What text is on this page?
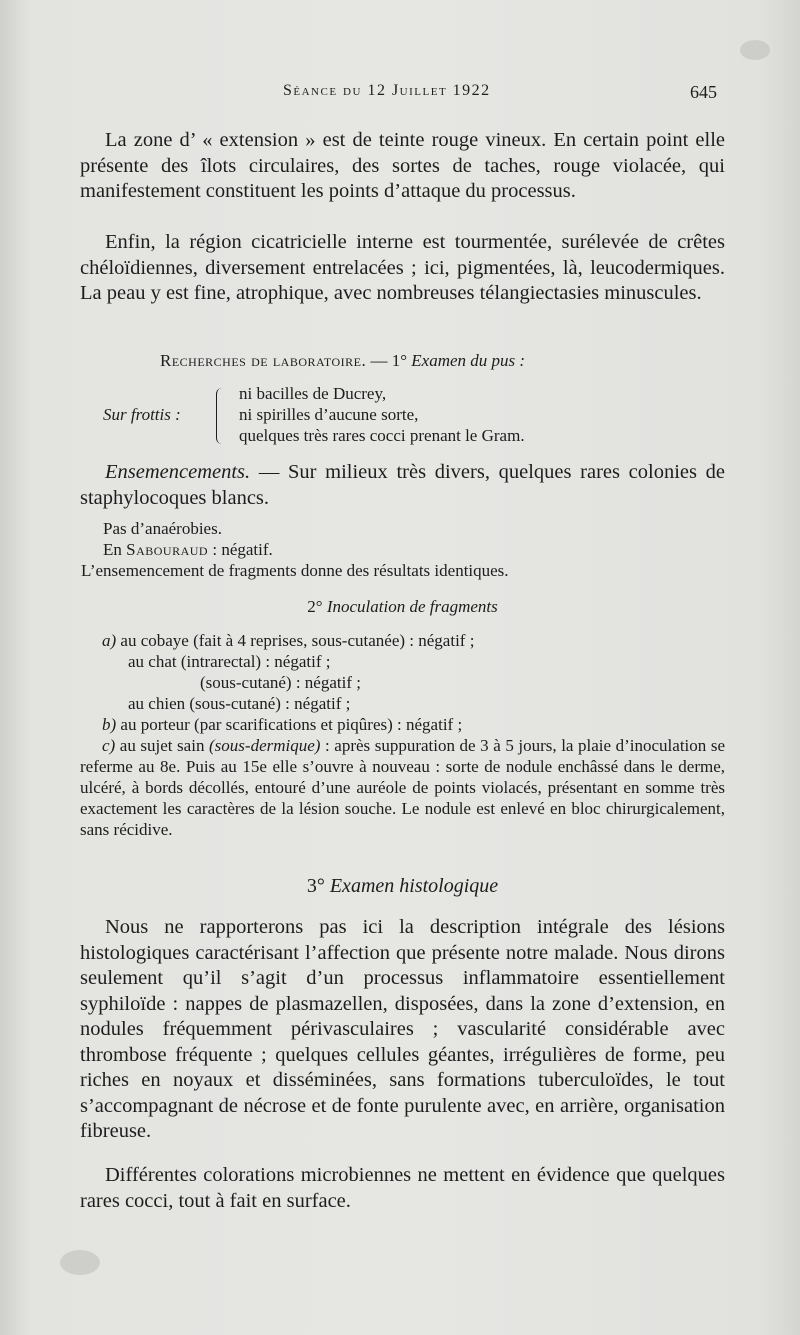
Séance du 12 Juillet 1922	645

La zone d’ « extension » est de teinte rouge vineux. En certain point elle présente des îlots circulaires, des sortes de taches, rouge violacée, qui manifestement constituent les points d’attaque du processus.

Enfin, la région cicatricielle interne est tourmentée, surélevée de crêtes chéloïdiennes, diversement entrelacées ; ici, pigmentées, là, leucodermiques. La peau y est fine, atrophique, avec nombreuses télangiectasies minuscules.

Recherches de laboratoire. — 1° Examen du pus :
Sur frottis :
ni bacilles de Ducrey,
ni spirilles d’aucune sorte,
quelques très rares cocci prenant le Gram.

Ensemencements. — Sur milieux très divers, quelques rares colonies de staphylocoques blancs.

Pas d’anaérobies.
En Sabouraud : négatif.
L’ensemencement de fragments donne des résultats identiques.
2° Inoculation de fragments
a) au cobaye (fait à 4 reprises, sous-cutanée) : négatif ;
au chat (intrarectal) : négatif ;
(sous-cutané) : négatif ;
au chien (sous-cutané) : négatif ;
b) au porteur (par scarifications et piqûres) : négatif ;

c) au sujet sain (sous-dermique) : après suppuration de 3 à 5 jours, la plaie d’inoculation se referme au 8e. Puis au 15e elle s’ouvre à nouveau : sorte de nodule enchâssé dans le derme, ulcéré, à bords décollés, entouré d’une auréole de points violacés, présentant en somme très exactement les caractères de la lésion souche. Le nodule est enlevé en bloc chirurgicalement, sans récidive.

3° Examen histologique

Nous ne rapporterons pas ici la description intégrale des lésions histologiques caractérisant l’affection que présente notre malade. Nous dirons seulement qu’il s’agit d’un processus inflammatoire essentiellement syphiloïde : nappes de plasmazellen, disposées, dans la zone d’extension, en nodules fréquemment périvasculaires ; vascularité considérable avec thrombose fréquente ; quelques cellules géantes, irrégulières de forme, peu riches en noyaux et disséminées, sans formations tuberculoïdes, le tout s’accompagnant de nécrose et de fonte purulente avec, en arrière, organisation fibreuse.

Différentes colorations microbiennes ne mettent en évidence que quelques rares cocci, tout à fait en surface.
